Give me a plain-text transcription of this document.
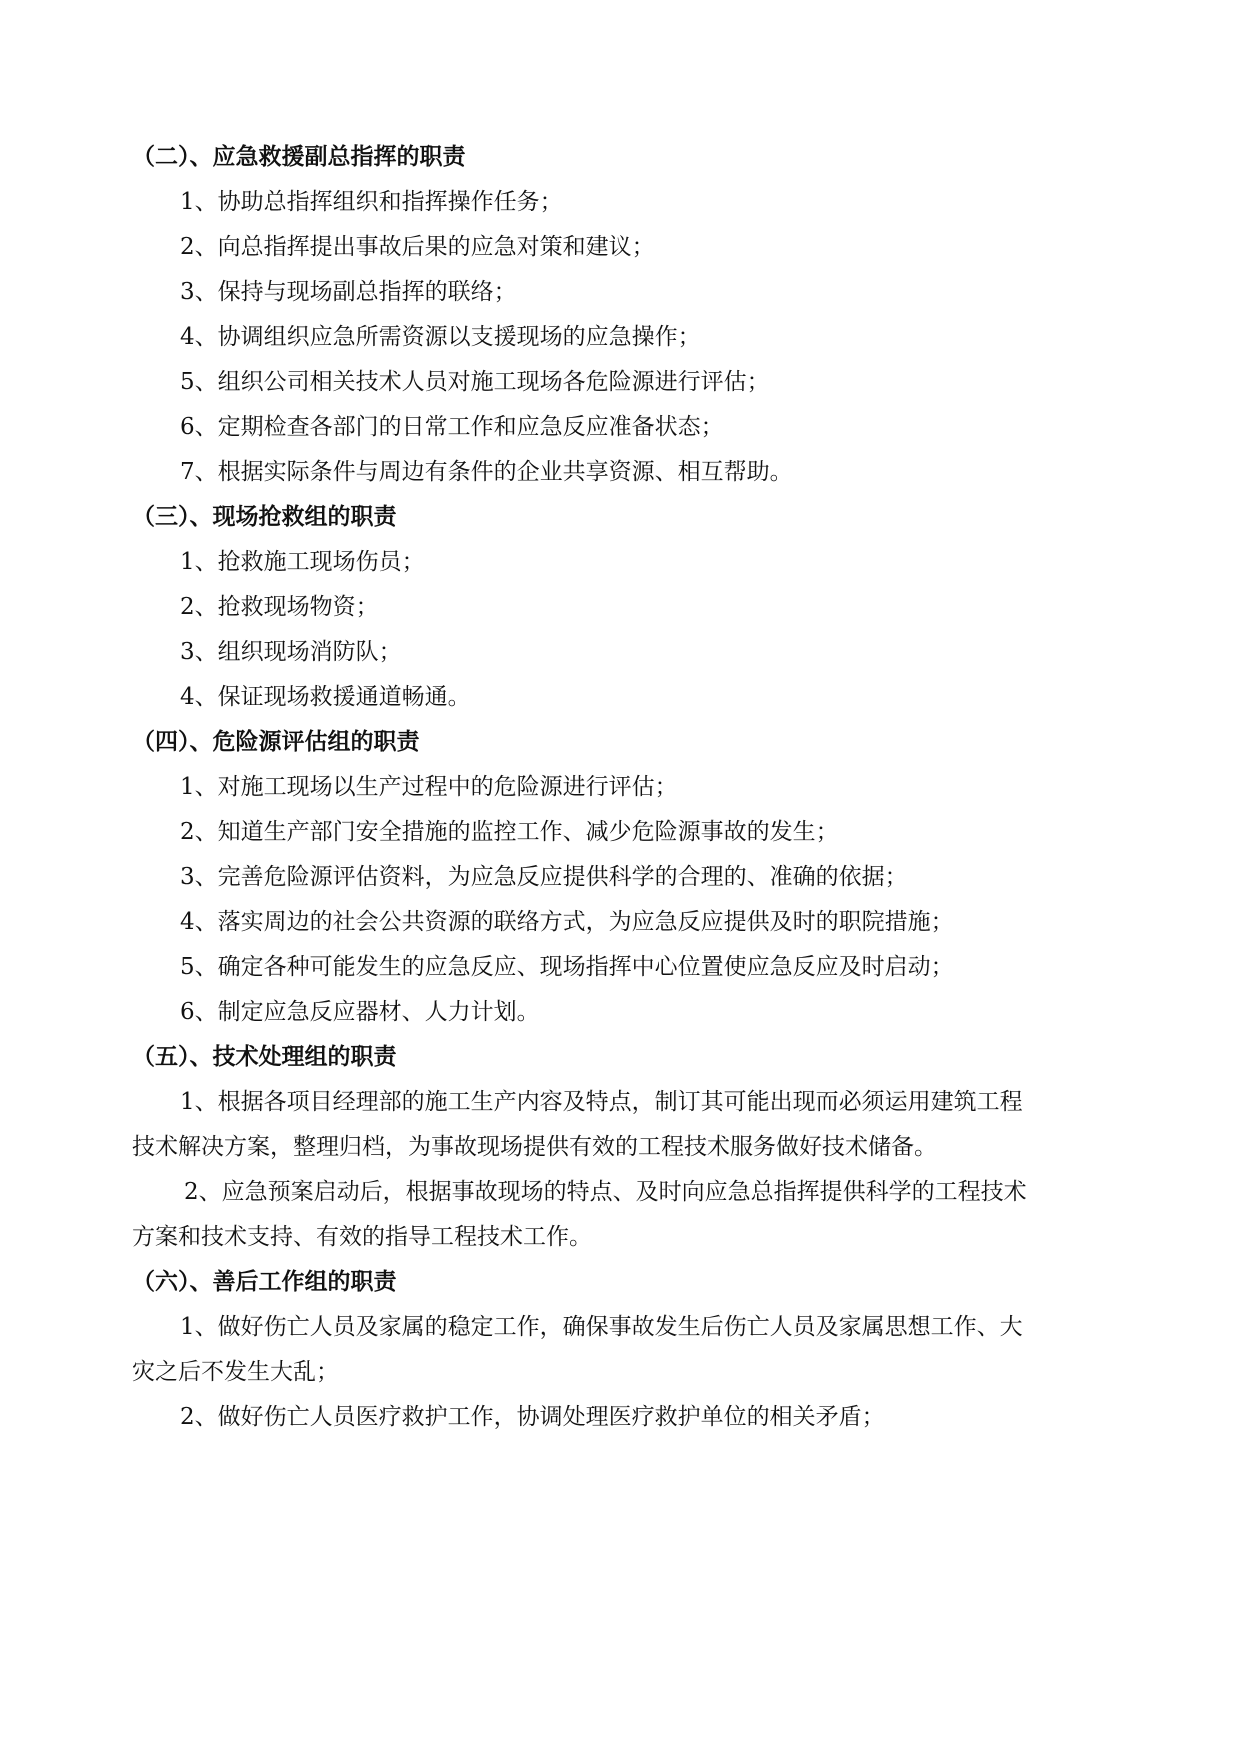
（二）、应急救援副总指挥的职责
1、协助总指挥组织和指挥操作任务；
2、向总指挥提出事故后果的应急对策和建议；
3、保持与现场副总指挥的联络；
4、协调组织应急所需资源以支援现场的应急操作；
5、组织公司相关技术人员对施工现场各危险源进行评估；
6、定期检查各部门的日常工作和应急反应准备状态；
7、根据实际条件与周边有条件的企业共享资源、相互帮助。
（三）、现场抢救组的职责
1、抢救施工现场伤员；
2、抢救现场物资；
3、组织现场消防队；
4、保证现场救援通道畅通。
（四）、危险源评估组的职责
1、对施工现场以生产过程中的危险源进行评估；
2、知道生产部门安全措施的监控工作、减少危险源事故的发生；
3、完善危险源评估资料，为应急反应提供科学的合理的、准确的依据；
4、落实周边的社会公共资源的联络方式，为应急反应提供及时的职院措施；
5、确定各种可能发生的应急反应、现场指挥中心位置使应急反应及时启动；
6、制定应急反应器材、人力计划。
（五）、技术处理组的职责
1、根据各项目经理部的施工生产内容及特点，制订其可能出现而必须运用建筑工程技术解决方案，整理归档，为事故现场提供有效的工程技术服务做好技术储备。
2、应急预案启动后，根据事故现场的特点、及时向应急总指挥提供科学的工程技术方案和技术支持、有效的指导工程技术工作。
（六）、善后工作组的职责
1、做好伤亡人员及家属的稳定工作，确保事故发生后伤亡人员及家属思想工作、大灾之后不发生大乱；
2、做好伤亡人员医疗救护工作，协调处理医疗救护单位的相关矛盾；
